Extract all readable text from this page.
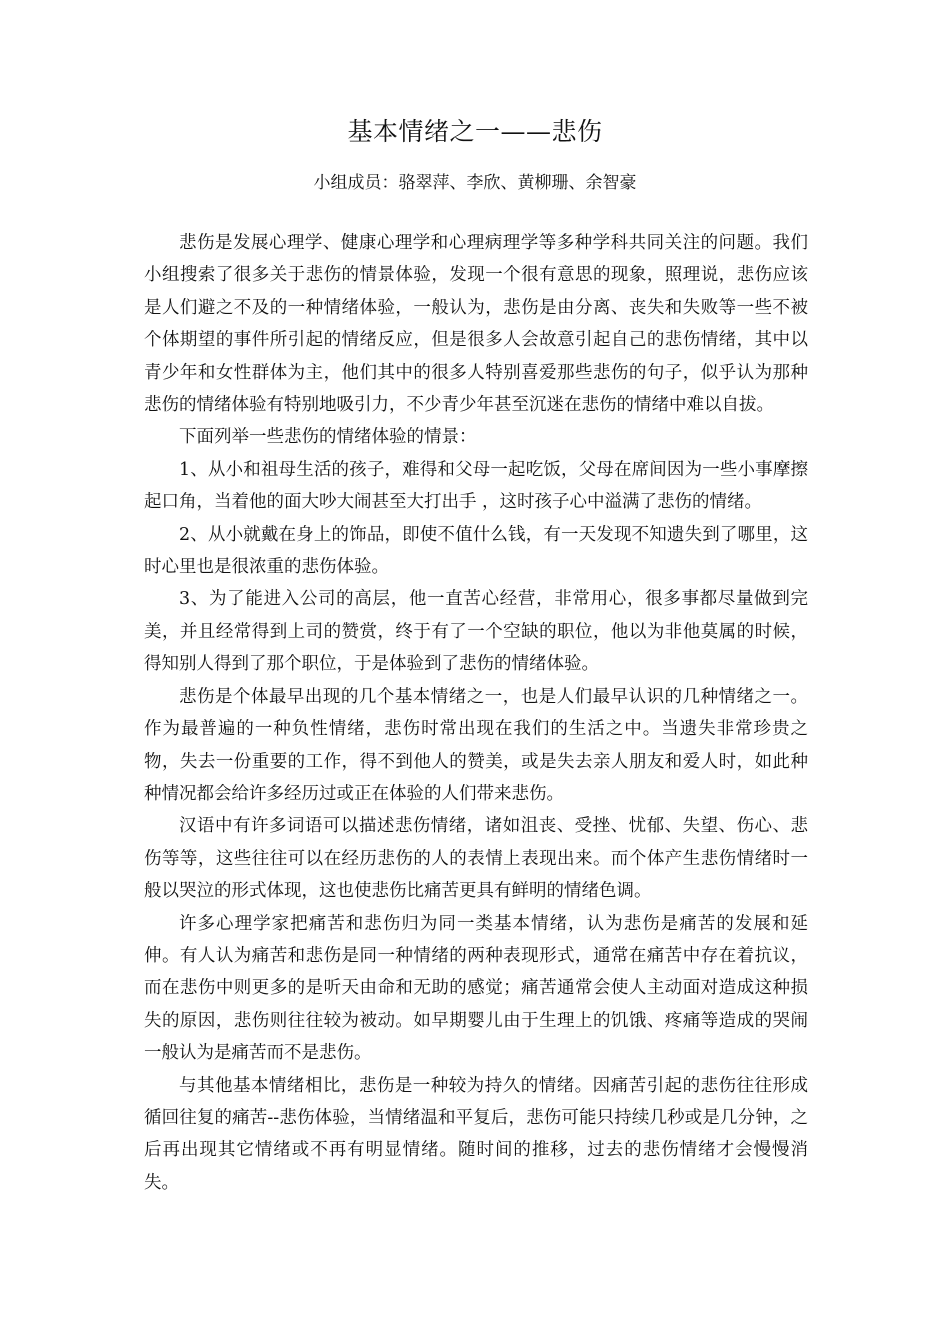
基本情绪之一——悲伤
小组成员：骆翠萍、李欣、黄柳珊、余智豪

悲伤是发展心理学、健康心理学和心理病理学等多种学科共同关注的问题。我们小组搜索了很多关于悲伤的情景体验，发现一个很有意思的现象，照理说，悲伤应该是人们避之不及的一种情绪体验，一般认为，悲伤是由分离、丧失和失败等一些不被个体期望的事件所引起的情绪反应，但是很多人会故意引起自己的悲伤情绪，其中以青少年和女性群体为主，他们其中的很多人特别喜爱那些悲伤的句子，似乎认为那种悲伤的情绪体验有特别地吸引力，不少青少年甚至沉迷在悲伤的情绪中难以自拔。

下面列举一些悲伤的情绪体验的情景：

1、从小和祖母生活的孩子，难得和父母一起吃饭，父母在席间因为一些小事摩擦起口角，当着他的面大吵大闹甚至大打出手 ，这时孩子心中溢满了悲伤的情绪。

2、从小就戴在身上的饰品，即使不值什么钱，有一天发现不知遗失到了哪里，这时心里也是很浓重的悲伤体验。

3、为了能进入公司的高层，他一直苦心经营，非常用心，很多事都尽量做到完美，并且经常得到上司的赞赏，终于有了一个空缺的职位，他以为非他莫属的时候，得知别人得到了那个职位，于是体验到了悲伤的情绪体验。

悲伤是个体最早出现的几个基本情绪之一，也是人们最早认识的几种情绪之一。作为最普遍的一种负性情绪，悲伤时常出现在我们的生活之中。当遗失非常珍贵之物，失去一份重要的工作，得不到他人的赞美，或是失去亲人朋友和爱人时，如此种种情况都会给许多经历过或正在体验的人们带来悲伤。

汉语中有许多词语可以描述悲伤情绪，诸如沮丧、受挫、忧郁、失望、伤心、悲伤等等，这些往往可以在经历悲伤的人的表情上表现出来。而个体产生悲伤情绪时一般以哭泣的形式体现，这也使悲伤比痛苦更具有鲜明的情绪色调。

许多心理学家把痛苦和悲伤归为同一类基本情绪，认为悲伤是痛苦的发展和延伸。有人认为痛苦和悲伤是同一种情绪的两种表现形式，通常在痛苦中存在着抗议，而在悲伤中则更多的是听天由命和无助的感觉；痛苦通常会使人主动面对造成这种损失的原因，悲伤则往往较为被动。如早期婴儿由于生理上的饥饿、疼痛等造成的哭闹一般认为是痛苦而不是悲伤。

与其他基本情绪相比，悲伤是一种较为持久的情绪。因痛苦引起的悲伤往往形成循回往复的痛苦--悲伤体验，当情绪温和平复后，悲伤可能只持续几秒或是几分钟，之后再出现其它情绪或不再有明显情绪。随时间的推移，过去的悲伤情绪才会慢慢消失。
